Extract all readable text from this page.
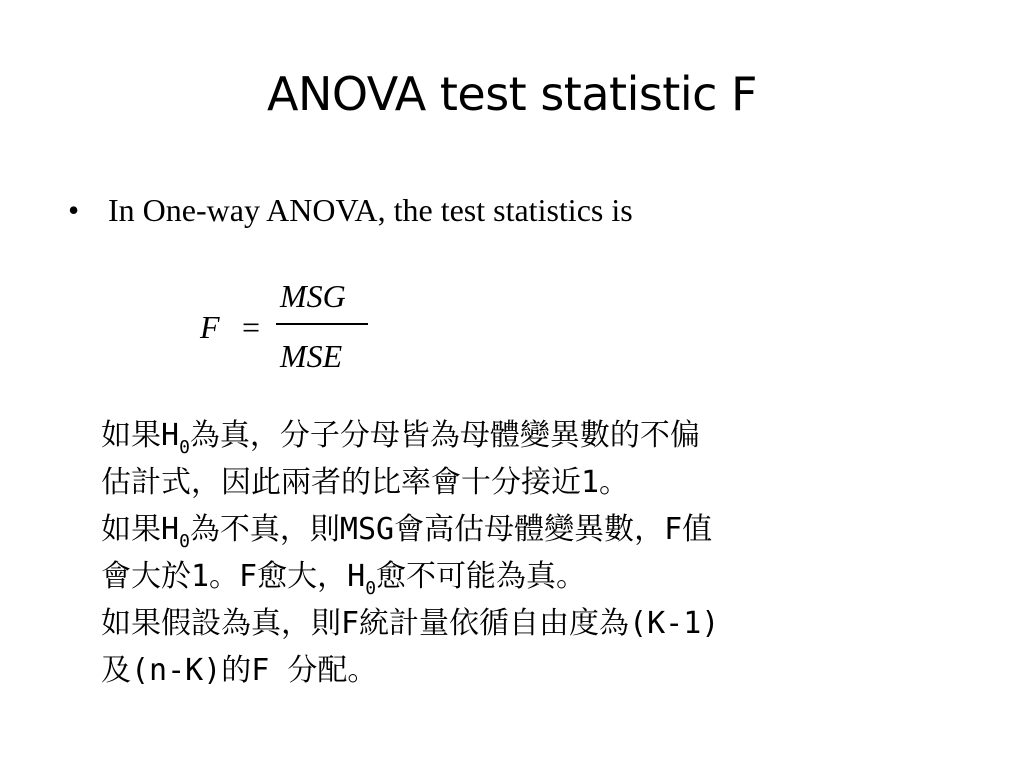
ANOVA test statistic F
• In One-way ANOVA, the test statistics is
F =
MSG
MSE
如果$H_0$為真，分子分母皆為母體變異數的不偏
估計式，因此兩者的比率會十分接近1。
如果$H_0$為不真，則MSG會高估母體變異數，F值
會大於1。F愈大，$H_0$愈不可能為真。
如果假設為真，則F統計量依循自由度為(K-1)
及(n-K)的F 分配。
